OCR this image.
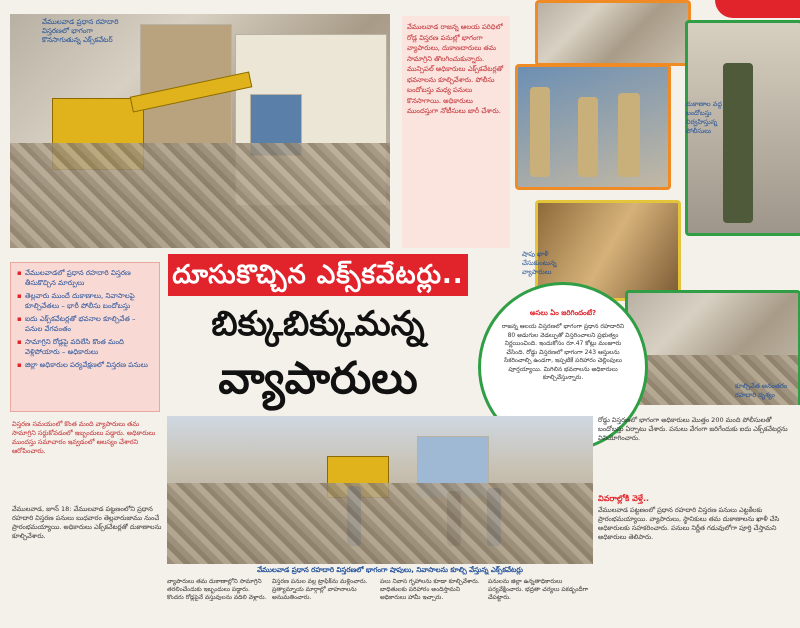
వేములవాడ ప్రధాన రహదారి విస్తరణలో భాగంగా కొనసాగుతున్న ఎక్స్‌కవేటర్
వేములవాడ రాజన్న ఆలయ పరిధిలో రోడ్ల విస్తరణ పనుల్లో భాగంగా వ్యాపారులు, దుకాణదారులు తమ సామాగ్రిని తొలగించుకున్నారు. మున్సిపల్ అధికారులు ఎక్స్‌కవేటర్లతో భవనాలను కూల్చివేశారు. పోలీసు బందోబస్తు మధ్య పనులు కొనసాగాయి. అధికారులు ముందస్తుగా నోటీసులు జారీ చేశారు.
దుకాణాల వద్ద బందోబస్తు నిర్వహిస్తున్న పోలీసులు
షాపు ఖాళీ చేసుకుంటున్న వ్యాపారులు
కూల్చివేత అనంతరం రహదారి దృశ్యం
దూసుకొచ్చిన ఎక్స్‌కవేటర్లు..
బిక్కుబిక్కుమన్న
వ్యాపారులు
▪ వేములవాడలో ప్రధాన రహదారి విస్తరణ తీసుకొచ్చిన మార్పులు
▪ తెల్లవారు ముందే దుకాణాలు, నివాసాలపై కూల్చివేతలు – భారీ పోలీసు బందోబస్తు
▪ ఐదు ఎక్స్‌కవేటర్లతో భవనాల కూల్చివేత – పనుల వేగవంతం
▪ సామాగ్రిని రోడ్లపై వదిలేసి కొంత మంది వెళ్లిపోయారు – అధికారులు
▪ జిల్లా అధికారుల పర్యవేక్షణలో విస్తరణ పనులు
విస్తరణ సమయంలో కొంత మంది వ్యాపారులు తమ సామాగ్రిని సర్దుకోవడంలో ఇబ్బందులు పడ్డారు. అధికారులు ముందస్తు సమాచారం ఇవ్వడంలో ఆలస్యం చేశారని ఆరోపించారు.
వేములవాడ, జూన్ 18: వేములవాడ పట్టణంలోని ప్రధాన రహదారి విస్తరణ పనులు బుధవారం తెల్లవారుజాము నుంచే ప్రారంభమయ్యాయి. అధికారులు ఎక్స్‌కవేటర్లతో దుకాణాలను కూల్చివేశారు.
అసలు ఏం జరిగిందంటే?
రాజన్న ఆలయ విస్తరణలో భాగంగా ప్రధాన రహదారిని 80 అడుగుల వెడల్పుతో విస్తరించాలని ప్రభుత్వం నిర్ణయించింది. ఇందుకోసం రూ.47 కోట్లు మంజూరు చేసింది. రోడ్డు విస్తరణలో భాగంగా 243 ఆస్తులను సేకరించాల్సి ఉండగా, ఇప్పటికే పరిహారం చెల్లింపులు పూర్తయ్యాయి. మిగిలిన భవనాలను అధికారులు కూల్చివేస్తున్నారు.
వేములవాడ ప్రధాన రహదారి విస్తరణలో భాగంగా షాపులు, నివాసాలను కూల్చి వేస్తున్న ఎక్స్‌కవేటర్లు
రోడ్డు విస్తరణలో భాగంగా అధికారులు మొత్తం 200 మంది పోలీసులతో బందోబస్తు ఏర్పాటు చేశారు. పనులు వేగంగా జరిగేందుకు ఐదు ఎక్స్‌కవేటర్లను వినియోగించారు.
వివరాల్లోకి వెళ్తే..
వేములవాడ పట్టణంలో ప్రధాన రహదారి విస్తరణ పనులు ఎట్టకేలకు ప్రారంభమయ్యాయి. వ్యాపారులు, స్థానికులు తమ దుకాణాలను ఖాళీ చేసి అధికారులకు సహకరించారు. పనులు నిర్ణీత గడువులోగా పూర్తి చేస్తామని అధికారులు తెలిపారు.
వ్యాపారులు తమ దుకాణాల్లోని సామాగ్రిని తరలించేందుకు ఇబ్బందులు పడ్డారు. కొందరు రోడ్లపైనే వస్తువులను వదిలి వెళ్లారు.
విస్తరణ పనుల వల్ల ట్రాఫిక్‌ను మళ్లించారు. ప్రత్యామ్నాయ మార్గాల్లో వాహనాలను అనుమతించారు.
పలు నివాస గృహాలను కూడా కూల్చివేశారు. బాధితులకు పరిహారం అందిస్తామని అధికారులు హామీ ఇచ్చారు.
పనులను జిల్లా ఉన్నతాధికారులు పర్యవేక్షించారు. భద్రతా చర్యలు పకడ్బందీగా చేపట్టారు.
